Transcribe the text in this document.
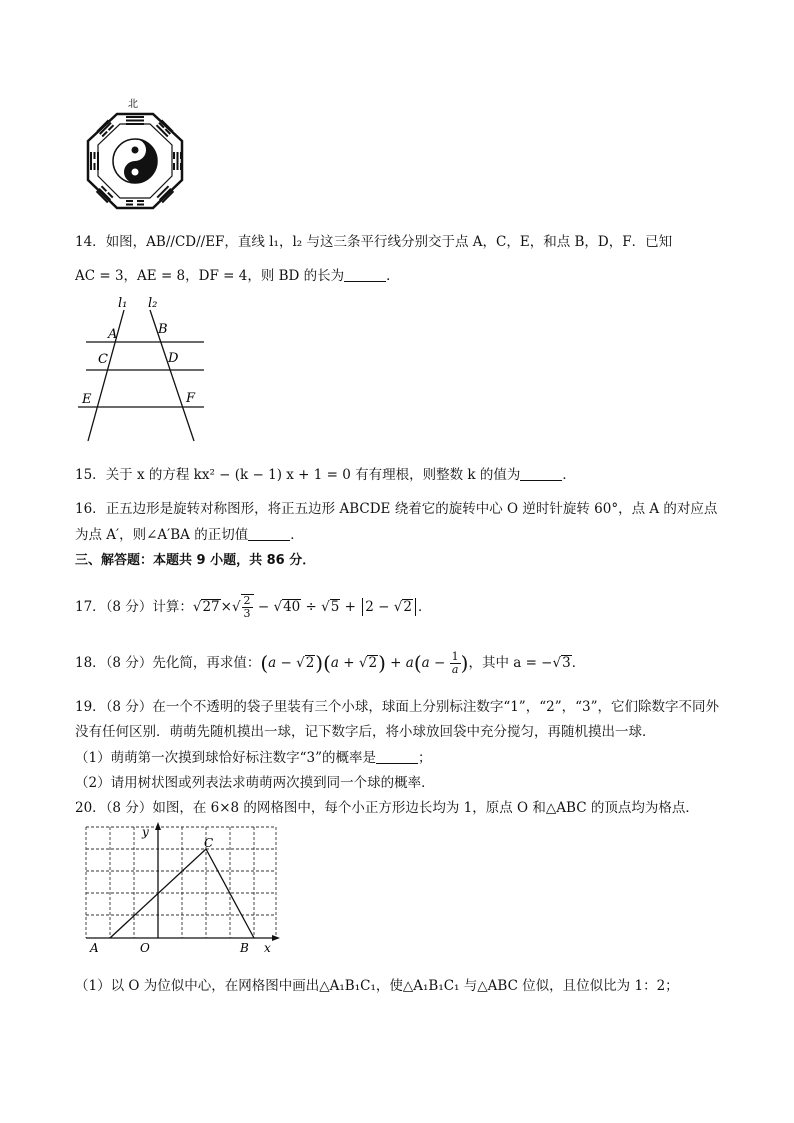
北
14．如图，AB//CD//EF，直线 l₁，l₂ 与这三条平行线分别交于点 A，C，E，和点 B，D，F．已知
AC = 3，AE = 8，DF = 4，则 BD 的长为	．
l₁ l₂
A	B
C	D
E	F
15．关于 x 的方程 kx² − (k − 1) x + 1 = 0 有有理根，则整数 k 的值为	．
16．正五边形是旋转对称图形，将正五边形 ABCDE 绕着它的旋转中心 O 逆时针旋转 60°，点 A 的对应点
为点 A′，则∠A′BA 的正切值	．
三、解答题：本题共 9 小题，共 86 分．
17．（8 分）计算：$√27\times√ \frac{2}{3} - √40 \div √5 + 2 - √2$ ．
18．（8 分）先化简，再求值：$(a - √2)(a + √2) + a(a - \frac{1}{a}$ )，其中 a = −√3．
19．（8 分）在一个不透明的袋子里装有三个小球，球面上分别标注数字“1”，“2”，“3”，它们除数字不同外
没有任何区别．萌萌先随机摸出一球，记下数字后，将小球放回袋中充分搅匀，再随机摸出一球．
（1）萌萌第一次摸到球恰好标注数字“3”的概率是	；
（2）请用树状图或列表法求萌萌两次摸到同一个球的概率．
20．（8 分）如图，在 6×8 的网格图中，每个小正方形边长均为 1，原点 O 和△ABC 的顶点均为格点．
y
C
A	O	B x
（1）以 O 为位似中心，在网格图中画出△A₁B₁C₁，使△A₁B₁C₁ 与△ABC 位似，且位似比为 1：2；
